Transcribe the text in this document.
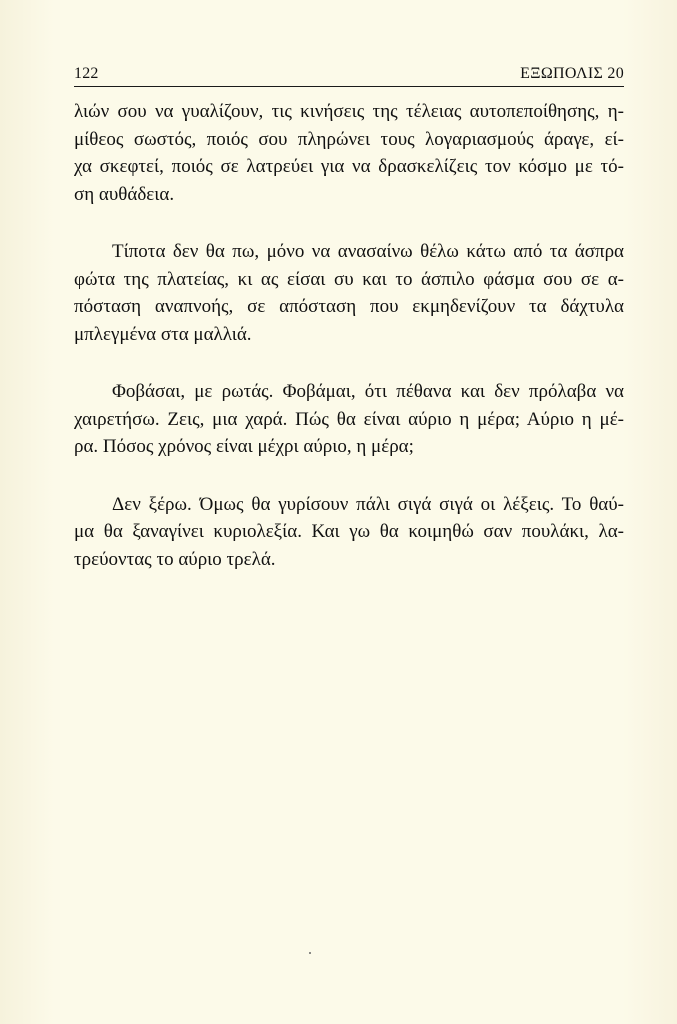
122	ΕΞΩΠΟΛΙΣ 20
λιών σου να γυαλίζουν, τις κινήσεις της τέλειας αυτοπεποίθησης, η-
μίθεος σωστός, ποιός σου πληρώνει τους λογαριασμούς άραγε, εί-
χα σκεφτεί, ποιός σε λατρεύει για να δρασκελίζεις τον κόσμο με τό-
ση αυθάδεια.
Τίποτα δεν θα πω, μόνο να ανασαίνω θέλω κάτω από τα άσπρα
φώτα της πλατείας, κι ας είσαι συ και το άσπιλο φάσμα σου σε α-
πόσταση αναπνοής, σε απόσταση που εκμηδενίζουν τα δάχτυλα
μπλεγμένα στα μαλλιά.
Φοβάσαι, με ρωτάς. Φοβάμαι, ότι πέθανα και δεν πρόλαβα να
χαιρετήσω. Ζεις, μια χαρά. Πώς θα είναι αύριο η μέρα; Αύριο η μέ-
ρα. Πόσος χρόνος είναι μέχρι αύριο, η μέρα;
Δεν ξέρω. Όμως θα γυρίσουν πάλι σιγά σιγά οι λέξεις. Το θαύ-
μα θα ξαναγίνει κυριολεξία. Και γω θα κοιμηθώ σαν πουλάκι, λα-
τρεύοντας το αύριο τρελά.
